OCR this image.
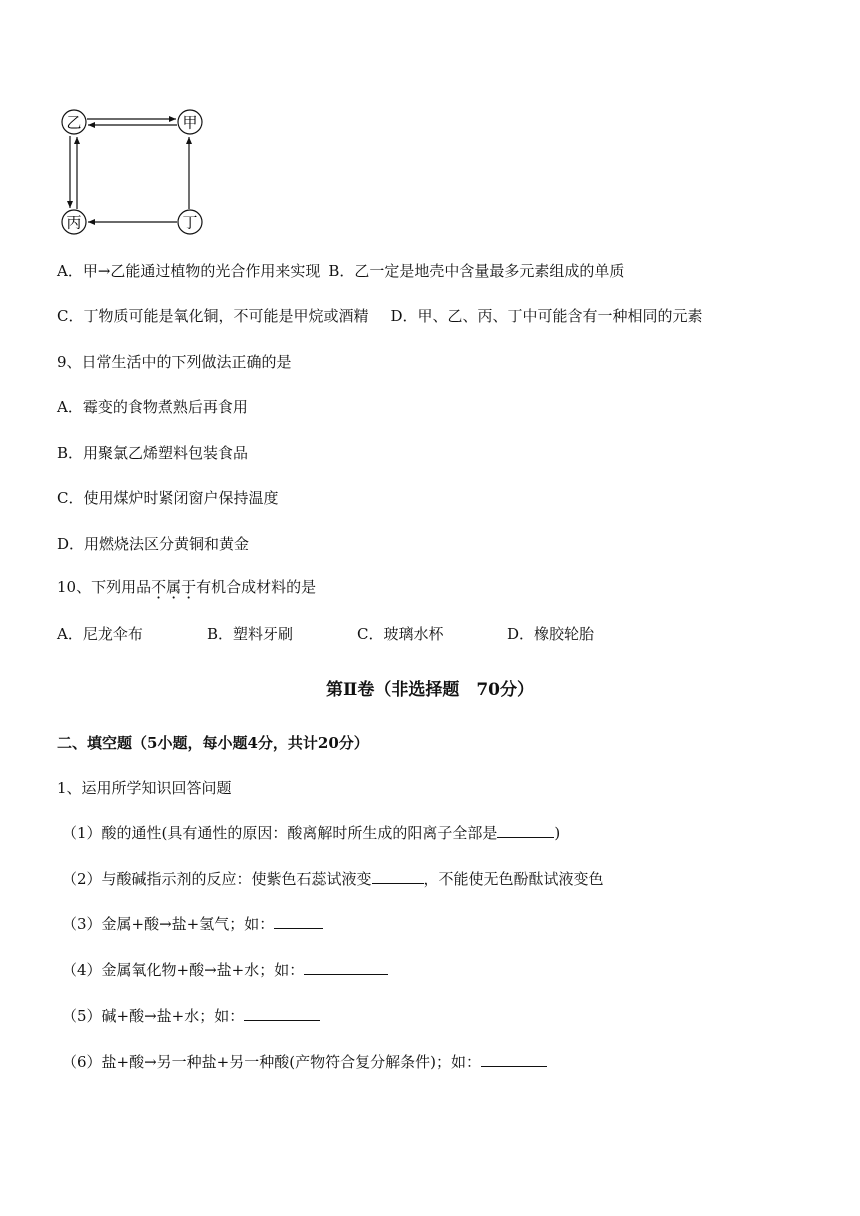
乙	甲
丙	丁
A．甲→乙能通过植物的光合作用来实现 B．乙一定是地壳中含量最多元素组成的单质
C．丁物质可能是氧化铜，不可能是甲烷或酒精 D．甲、乙、丙、丁中可能含有一种相同的元素
9、日常生活中的下列做法正确的是
A．霉变的食物煮熟后再食用
B．用聚氯乙烯塑料包装食品
C．使用煤炉时紧闭窗户保持温度
D．用燃烧法区分黄铜和黄金
10、下列用品不属于有机合成材料的是
A．尼龙伞布	B．塑料牙刷	C．玻璃水杯	D．橡胶轮胎
第Ⅱ卷（非选择题　70分）
二、填空题（5小题，每小题4分，共计20分）
1、运用所学知识回答问题
（1）酸的通性(具有通性的原因：酸离解时所生成的阳离子全部是	)
（2）与酸碱指示剂的反应：使紫色石蕊试液变	，不能使无色酚酞试液变色
（3）金属+酸→盐+氢气；如：
（4）金属氧化物+酸→盐+水；如：
（5）碱+酸→盐+水；如：
（6）盐+酸→另一种盐+另一种酸(产物符合复分解条件)；如：
